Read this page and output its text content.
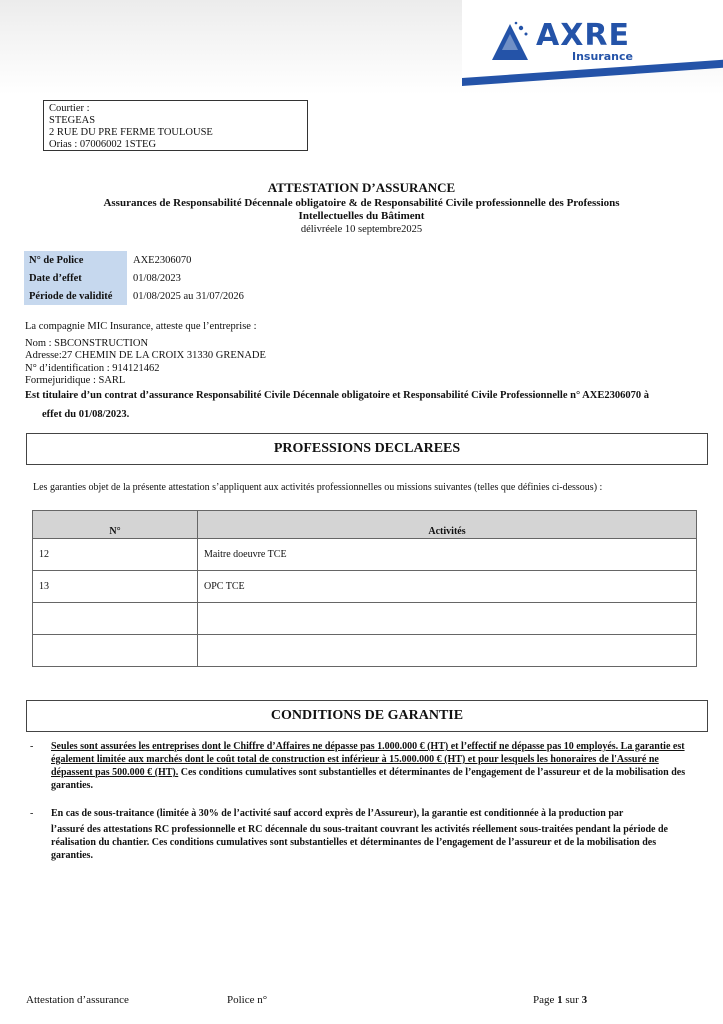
AXRE
Insurance
Courtier :
STEGEAS
2 RUE DU PRE FERME TOULOUSE
Orias : 07006002 1STEG
ATTESTATION D’ASSURANCE
Assurances de Responsabilité Décennale obligatoire & de Responsabilité Civile professionnelle des Professions
Intellectuelles du Bâtiment
délivréele 10 septembre2025
N° de Police	AXE2306070
Date d’effet	01/08/2023
Période de validité	01/08/2025 au 31/07/2026
La compagnie MIC Insurance, atteste que l’entreprise :
Nom : SBCONSTRUCTION
Adresse:27 CHEMIN DE LA CROIX 31330 GRENADE
N° d’identification : 914121462
Formejuridique : SARL
Est titulaire d’un contrat d’assurance Responsabilité Civile Décennale obligatoire et Responsabilité Civile Professionnelle n° AXE2306070 à
effet du 01/08/2023.
PROFESSIONS DECLAREES
Les garanties objet de la présente attestation s’appliquent aux activités professionnelles ou missions suivantes (telles que définies ci-dessous) :
N°	Activités
12	Maitre doeuvre TCE
13	OPC TCE

CONDITIONS DE GARANTIE
- Seules sont assurées les entreprises dont le Chiffre d’Affaires ne dépasse pas 1.000.000 € (HT) et l’effectif ne dépasse pas 10 employés. La garantie est également limitée aux marchés dont le coût total de construction est inférieur à 15.000.000 € (HT) et pour lesquels les honoraires de l'Assuré ne dépassent pas 500.000 € (HT). Ces conditions cumulatives sont substantielles et déterminantes de l’engagement de l’assureur et de la mobilisation des garanties.
- En cas de sous-traitance (limitée à 30% de l’activité sauf accord exprès de l’Assureur), la garantie est conditionnée à la production par
l’assuré des attestations RC professionnelle et RC décennale du sous-traitant couvrant les activités réellement sous-traitées pendant la période de réalisation du chantier. Ces conditions cumulatives sont substantielles et déterminantes de l’engagement de l’assureur et de la mobilisation des garanties.
Attestation d’assurance	Police n°	Page 1 sur 3
